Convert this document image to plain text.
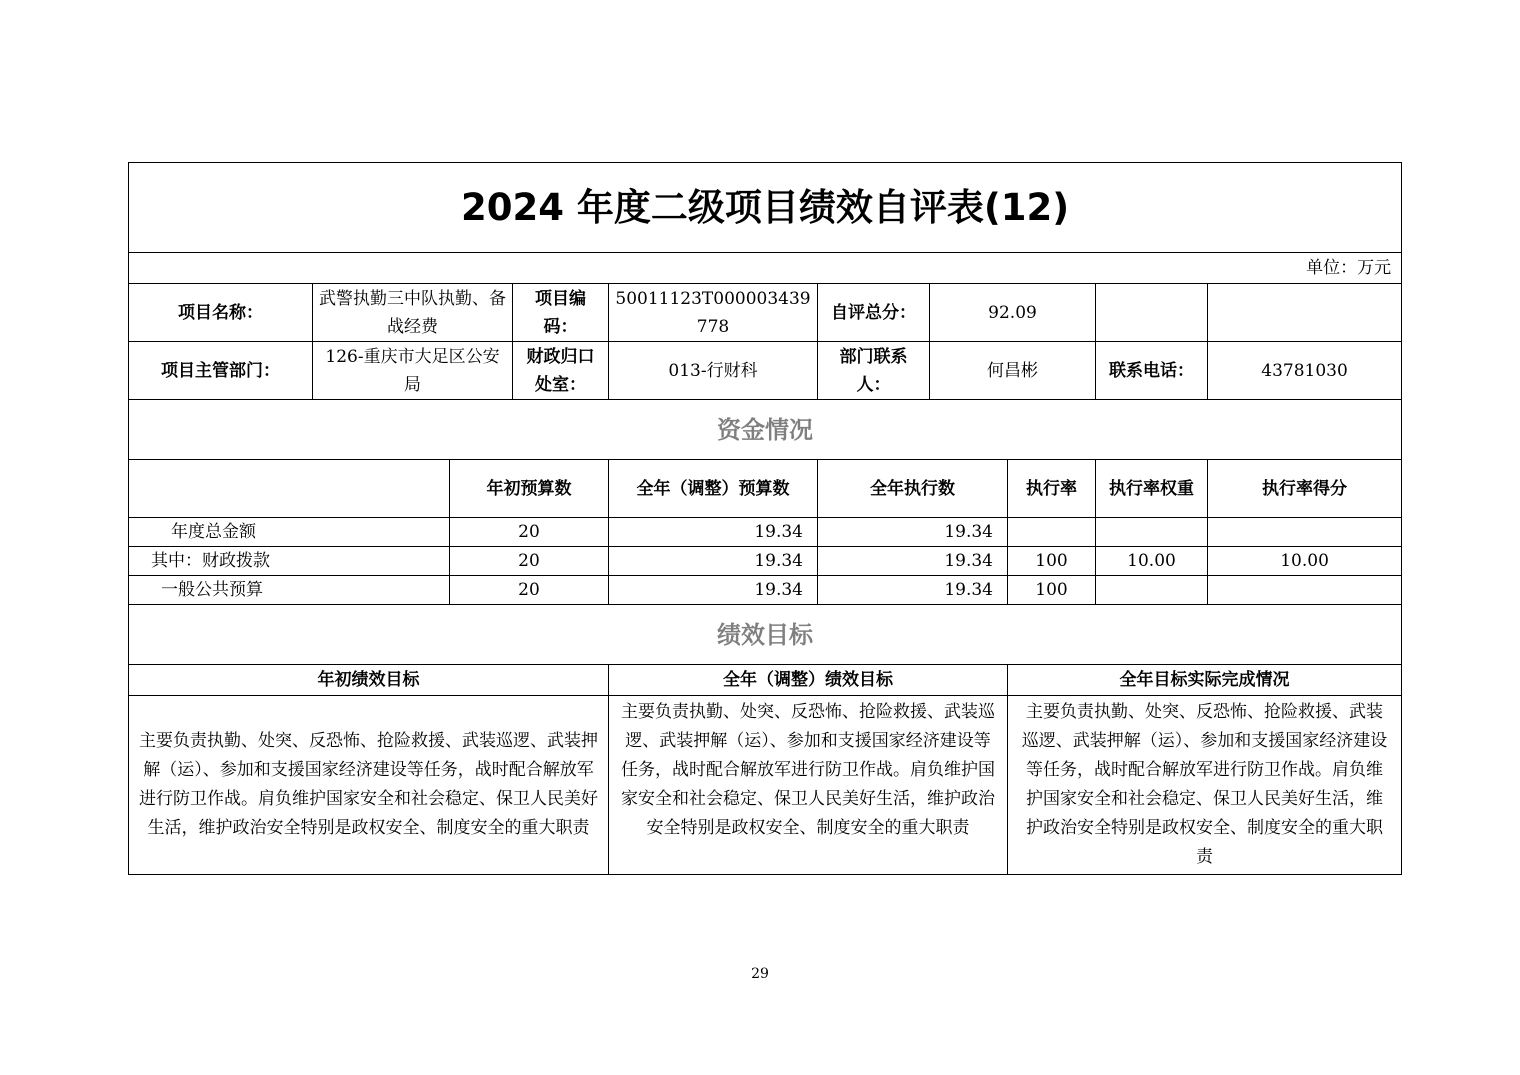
2024 年度二级项目绩效自评表(12)									
单位：万元									
项目名称：	武警执勤三中队执勤、备战经费		项目编码：	50011123T000003439778	自评总分：	92.09			
项目主管部门：	126-重庆市大足区公安局		财政归口处室：	013-行财科	部门联系人：	何昌彬		联系电话：	43781030
资金情况									
		年初预算数		全年（调整）预算数	全年执行数		执行率	执行率权重	执行率得分
年度总金额		20		19.34	19.34				
其中：财政拨款		20		19.34	19.34		100	10.00	10.00
一般公共预算		20		19.34	19.34		100		
绩效目标									
年初绩效目标				全年（调整）绩效目标			全年目标实际完成情况		
主要负责执勤、处突、反恐怖、抢险救援、武装巡逻、武装押解（运）、参加和支援国家经济建设等任务，战时配合解放军进行防卫作战。肩负维护国家安全和社会稳定、保卫人民美好生活，维护政治安全特别是政权安全、制度安全的重大职责				主要负责执勤、处突、反恐怖、抢险救援、武装巡逻、武装押解（运）、参加和支援国家经济建设等任务，战时配合解放军进行防卫作战。肩负维护国家安全和社会稳定、保卫人民美好生活，维护政治安全特别是政权安全、制度安全的重大职责			主要负责执勤、处突、反恐怖、抢险救援、武装巡逻、武装押解（运）、参加和支援国家经济建设等任务，战时配合解放军进行防卫作战。肩负维护国家安全和社会稳定、保卫人民美好生活，维护政治安全特别是政权安全、制度安全的重大职责		
29
